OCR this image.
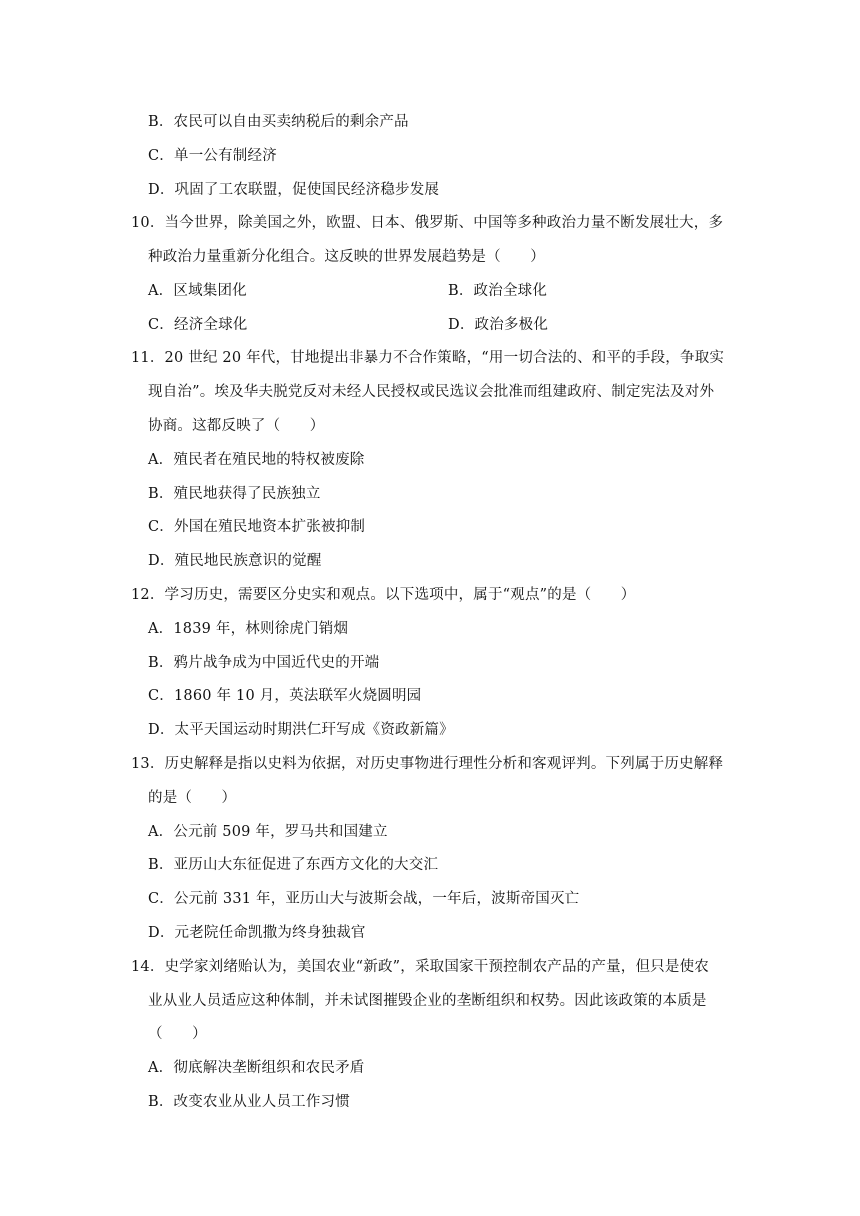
B．农民可以自由买卖纳税后的剩余产品
C．单一公有制经济
D．巩固了工农联盟，促使国民经济稳步发展
10．当今世界，除美国之外，欧盟、日本、俄罗斯、中国等多种政治力量不断发展壮大，多
种政治力量重新分化组合。这反映的世界发展趋势是（　　）
A．区域集团化	B．政治全球化
C．经济全球化	D．政治多极化
11．20 世纪 20 年代，甘地提出非暴力不合作策略，“用一切合法的、和平的手段，争取实
现自治”。埃及华夫脱党反对未经人民授权或民选议会批准而组建政府、制定宪法及对外
协商。这都反映了（　　）
A．殖民者在殖民地的特权被废除
B．殖民地获得了民族独立
C．外国在殖民地资本扩张被抑制
D．殖民地民族意识的觉醒
12．学习历史，需要区分史实和观点。以下选项中，属于“观点”的是（　　）
A．1839 年，林则徐虎门销烟
B．鸦片战争成为中国近代史的开端
C．1860 年 10 月，英法联军火烧圆明园
D．太平天国运动时期洪仁玕写成《资政新篇》
13．历史解释是指以史料为依据，对历史事物进行理性分析和客观评判。下列属于历史解释
的是（　　）
A．公元前 509 年，罗马共和国建立
B．亚历山大东征促进了东西方文化的大交汇
C．公元前 331 年，亚历山大与波斯会战，一年后，波斯帝国灭亡
D．元老院任命凯撒为终身独裁官
14．史学家刘绪贻认为，美国农业“新政”，采取国家干预控制农产品的产量，但只是使农
业从业人员适应这种体制，并未试图摧毁企业的垄断组织和权势。因此该政策的本质是
（　　）
A．彻底解决垄断组织和农民矛盾
B．改变农业从业人员工作习惯
